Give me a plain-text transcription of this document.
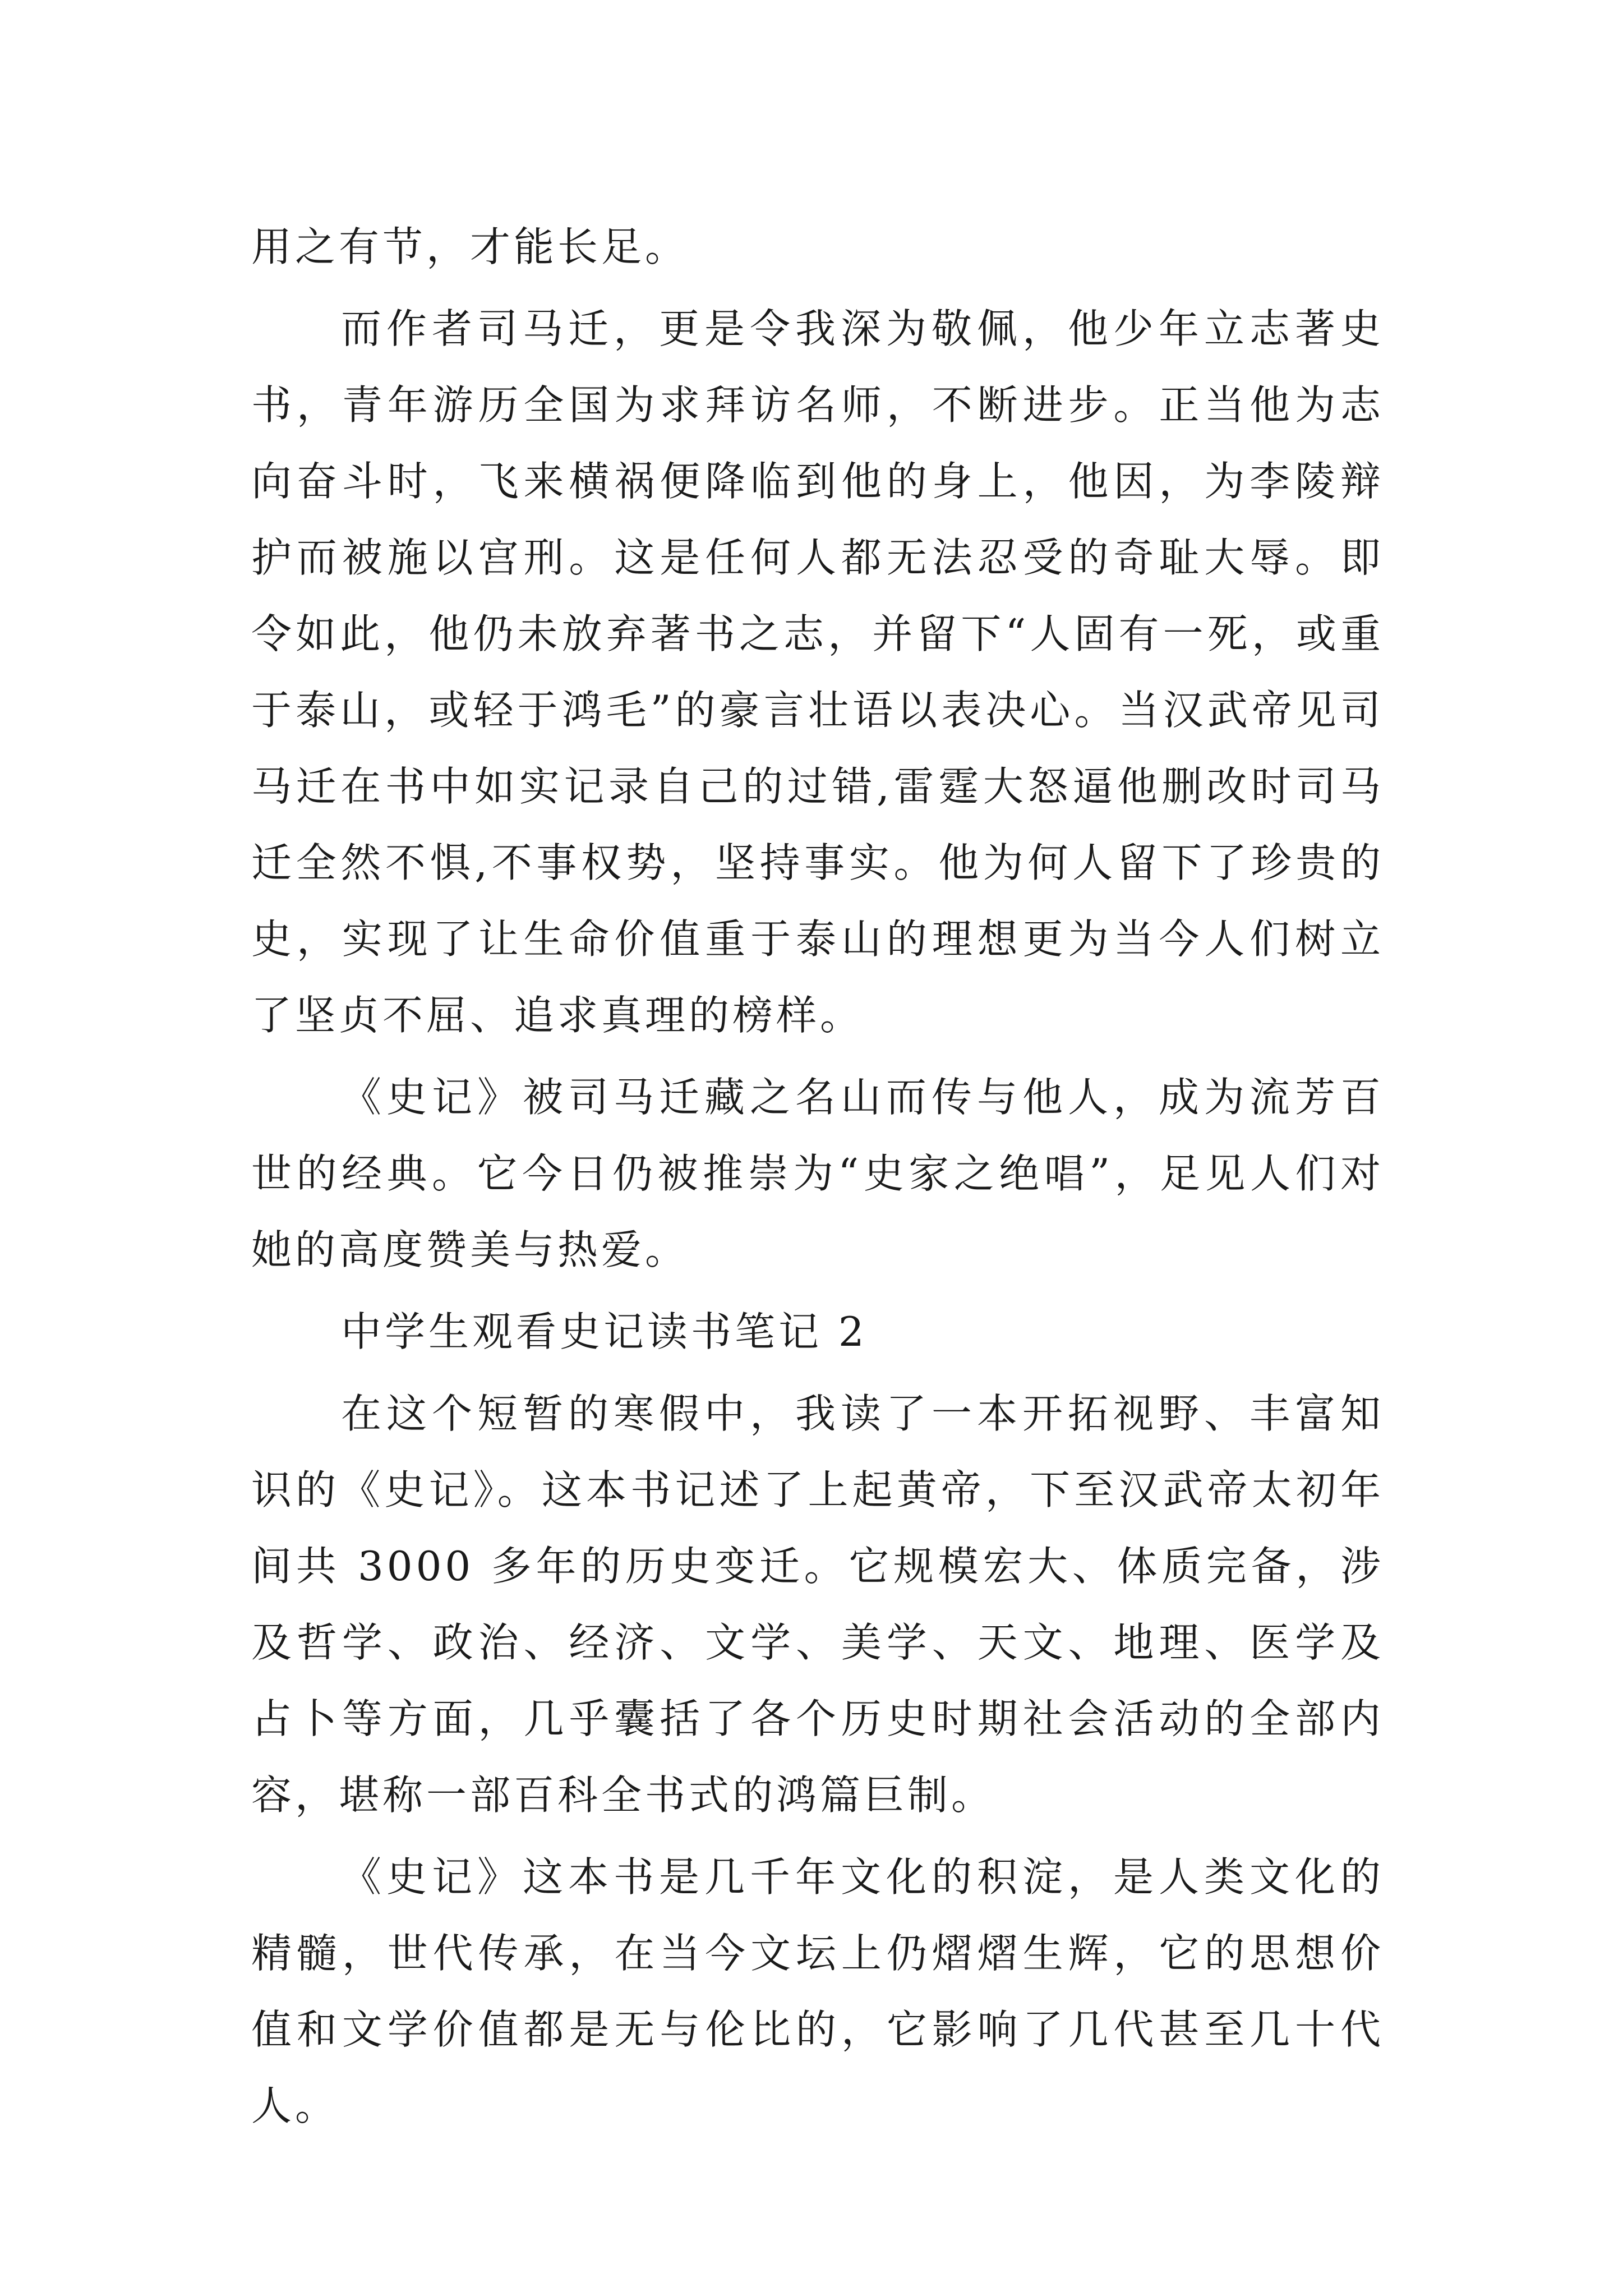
用之有节，才能长足。

而作者司马迁，更是令我深为敬佩，他少年立志著史书，青年游历全国为求拜访名师，不断进步。正当他为志向奋斗时，飞来横祸便降临到他的身上，他因，为李陵辩护而被施以宫刑。这是任何人都无法忍受的奇耻大辱。即令如此，他仍未放弃著书之志，并留下“人固有一死，或重于泰山，或轻于鸿毛”的豪言壮语以表决心。当汉武帝见司马迁在书中如实记录自己的过错,雷霆大怒逼他删改时司马迁全然不惧,不事权势，坚持事实。他为何人留下了珍贵的史，实现了让生命价值重于泰山的理想更为当今人们树立了坚贞不屈、追求真理的榜样。

《史记》被司马迁藏之名山而传与他人，成为流芳百世的经典。它今日仍被推崇为“史家之绝唱”，足见人们对她的高度赞美与热爱。

中学生观看史记读书笔记 2

在这个短暂的寒假中，我读了一本开拓视野、丰富知识的《史记》。这本书记述了上起黄帝，下至汉武帝太初年间共 3000 多年的历史变迁。它规模宏大、体质完备，涉及哲学、政治、经济、文学、美学、天文、地理、医学及占卜等方面，几乎囊括了各个历史时期社会活动的全部内容，堪称一部百科全书式的鸿篇巨制。

《史记》这本书是几千年文化的积淀，是人类文化的精髓，世代传承，在当今文坛上仍熠熠生辉，它的思想价值和文学价值都是无与伦比的，它影响了几代甚至几十代人。
